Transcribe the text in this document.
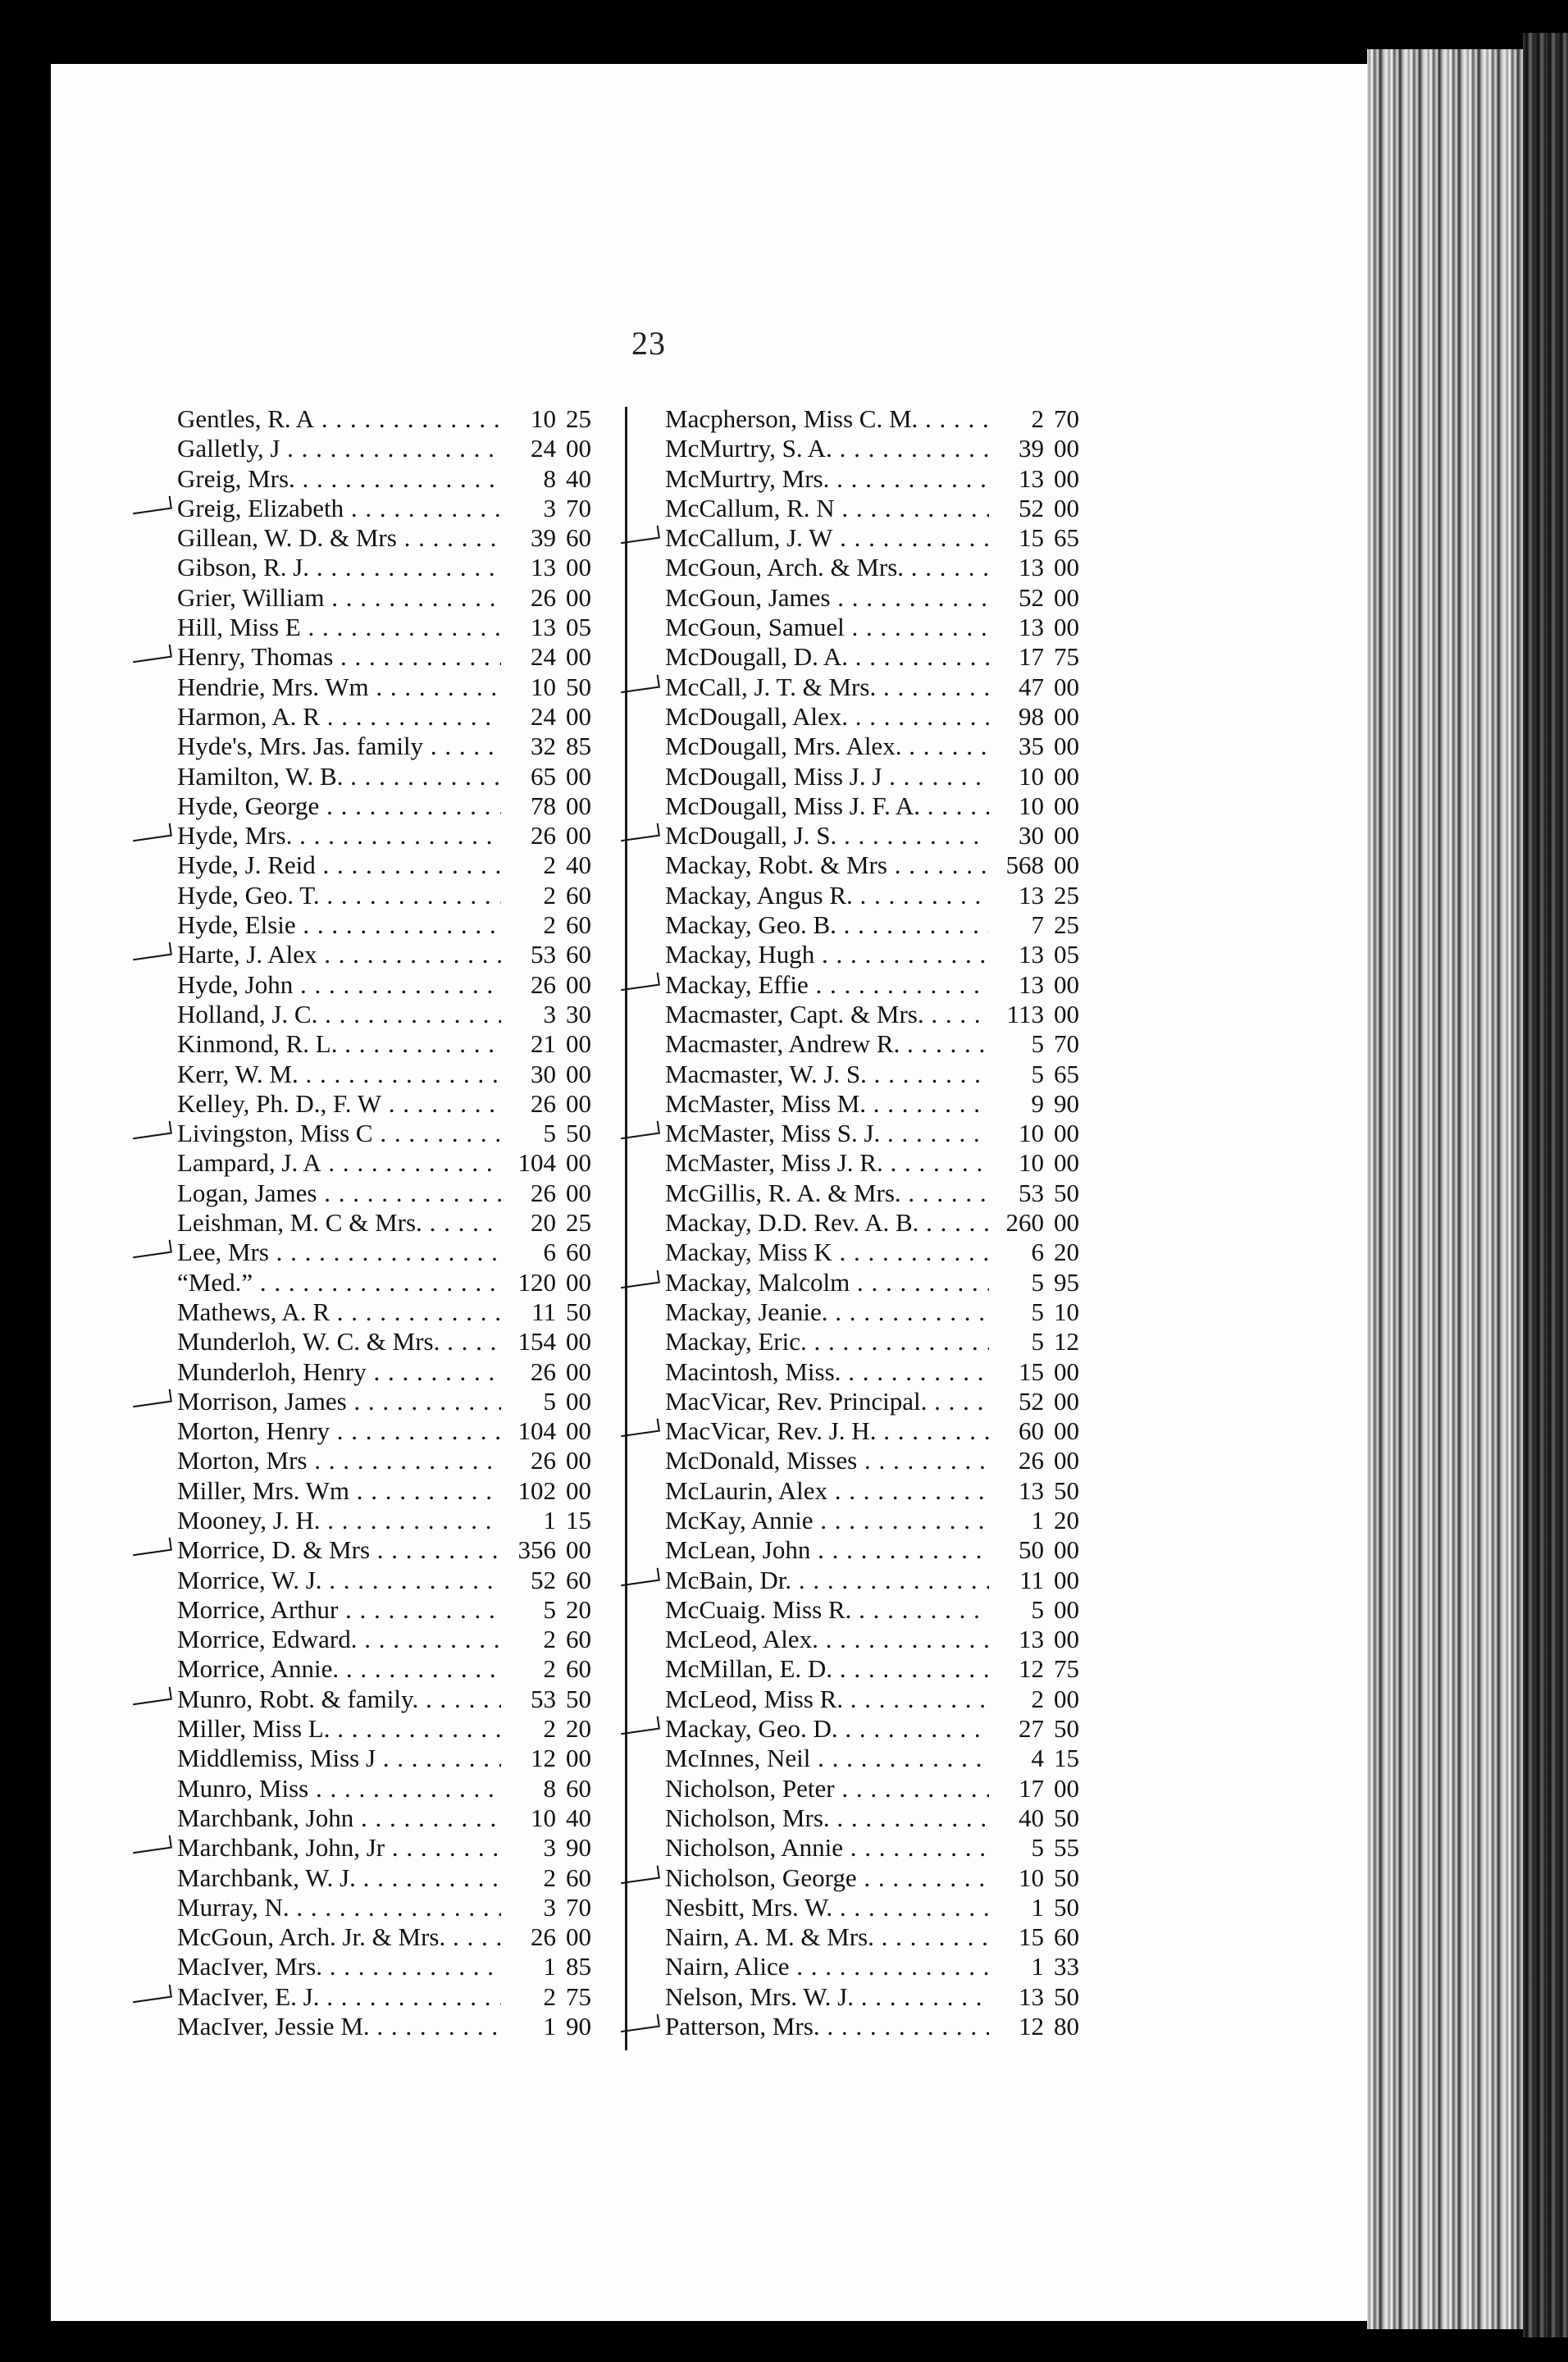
23
Gentles, R. A . . .	10 25
Galletly, J . . .	24 00
Greig, Mrs. . . .	8 40
Greig, Elizabeth . . .	3 70
Gillean, W. D. & Mrs . . .	39 60
Gibson, R. J. . . .	13 00
Grier, William . . .	26 00
Hill, Miss E . . .	13 05
Henry, Thomas . . .	24 00
Hendrie, Mrs. Wm . . .	10 50
Harmon, A. R . . .	24 00
Hyde's, Mrs. Jas. family . . .	32 85
Hamilton, W. B. . . .	65 00
Hyde, George . . .	78 00
Hyde, Mrs. . . .	26 00
Hyde, J. Reid . . .	2 40
Hyde, Geo. T. . . .	2 60
Hyde, Elsie . . .	2 60
Harte, J. Alex . . .	53 60
Hyde, John . . .	26 00
Holland, J. C. . . .	3 30
Kinmond, R. L. . . .	21 00
Kerr, W. M. . . .	30 00
Kelley, Ph. D., F. W . . .	26 00
Livingston, Miss C . . .	5 50
Lampard, J. A . . .	104 00
Logan, James . . .	26 00
Leishman, M. C & Mrs. . . .	20 25
Lee, Mrs . . .	6 60
“Med.” . . .	120 00
Mathews, A. R . . .	11 50
Munderloh, W. C. & Mrs. . . .	154 00
Munderloh, Henry . . .	26 00
Morrison, James . . .	5 00
Morton, Henry . . .	104 00
Morton, Mrs . . .	26 00
Miller, Mrs. Wm . . .	102 00
Mooney, J. H. . . .	1 15
Morrice, D. & Mrs . . .	356 00
Morrice, W. J. . . .	52 60
Morrice, Arthur . . .	5 20
Morrice, Edward. . . .	2 60
Morrice, Annie. . . .	2 60
Munro, Robt. & family. . . .	53 50
Miller, Miss L. . . .	2 20
Middlemiss, Miss J . . .	12 00
Munro, Miss . . .	8 60
Marchbank, John . . .	10 40
Marchbank, John, Jr . . .	3 90
Marchbank, W. J. . . .	2 60
Murray, N. . . .	3 70
McGoun, Arch. Jr. & Mrs. . . .	26 00
MacIver, Mrs. . . .	1 85
MacIver, E. J. . . .	2 75
MacIver, Jessie M. . . .	1 90
Macpherson, Miss C. M. . . .	2 70
McMurtry, S. A. . . .	39 00
McMurtry, Mrs. . . .	13 00
McCallum, R. N . . .	52 00
McCallum, J. W . . .	15 65
McGoun, Arch. & Mrs. . . .	13 00
McGoun, James . . .	52 00
McGoun, Samuel . . .	13 00
McDougall, D. A. . . .	17 75
McCall, J. T. & Mrs. . . .	47 00
McDougall, Alex. . . .	98 00
McDougall, Mrs. Alex. . . .	35 00
McDougall, Miss J. J . . .	10 00
McDougall, Miss J. F. A. . . .	10 00
McDougall, J. S. . . .	30 00
Mackay, Robt. & Mrs . . .	568 00
Mackay, Angus R. . . .	13 25
Mackay, Geo. B. . . .	7 25
Mackay, Hugh . . .	13 05
Mackay, Effie . . .	13 00
Macmaster, Capt. & Mrs. . . .	113 00
Macmaster, Andrew R. . . .	5 70
Macmaster, W. J. S. . . .	5 65
McMaster, Miss M. . . .	9 90
McMaster, Miss S. J. . . .	10 00
McMaster, Miss J. R. . . .	10 00
McGillis, R. A. & Mrs. . . .	53 50
Mackay, D.D. Rev. A. B. . . .	260 00
Mackay, Miss K . . .	6 20
Mackay, Malcolm . . .	5 95
Mackay, Jeanie. . . .	5 10
Mackay, Eric. . . .	5 12
Macintosh, Miss. . . .	15 00
MacVicar, Rev. Principal. . . .	52 00
MacVicar, Rev. J. H. . . .	60 00
McDonald, Misses . . .	26 00
McLaurin, Alex . . .	13 50
McKay, Annie . . .	1 20
McLean, John . . .	50 00
McBain, Dr. . . .	11 00
McCuaig. Miss R. . . .	5 00
McLeod, Alex. . . .	13 00
McMillan, E. D. . . .	12 75
McLeod, Miss R. . . .	2 00
Mackay, Geo. D. . . .	27 50
McInnes, Neil . . .	4 15
Nicholson, Peter . . .	17 00
Nicholson, Mrs. . . .	40 50
Nicholson, Annie . . .	5 55
Nicholson, George . . .	10 50
Nesbitt, Mrs. W. . . .	1 50
Nairn, A. M. & Mrs. . . .	15 60
Nairn, Alice . . .	1 33
Nelson, Mrs. W. J. . . .	13 50
Patterson, Mrs. . . .	12 80
